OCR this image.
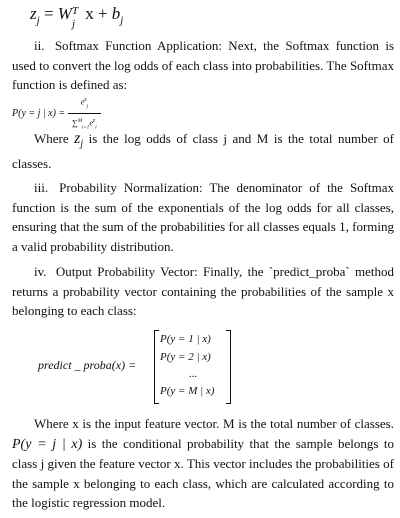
$z_j = W$ T
j
$x + b_j$

ii. Softmax Function Application: Next, the Softmax function is used to convert the log odds of each class into probabilities. The Softmax function is defined as:

P(y = j | $x) = \frac{e^z_j}{\sum^M_{i=1}e^z_i}$

Where $z_j$ is the log odds of class j and M is the total number of classes.

iii. Probability Normalization: The denominator of the Softmax function is the sum of the exponentials of the log odds for all classes, ensuring that the sum of the probabilities for all classes equals 1, forming a valid probability distribution.

iv. Output Probability Vector: Finally, the `predict_proba` method returns a probability vector containing the probabilities of the sample x belonging to each class:

predict _ proba(x) =
P(y = 1 | x)
P(y = 2 | x)
...
P(y = M | x)

Where x is the input feature vector. M is the total number of classes. P(y = j | x) is the conditional probability that the sample belongs to class j given the feature vector x. This vector includes the probabilities of the sample x belonging to each class, which are calculated according to the logistic regression model.
